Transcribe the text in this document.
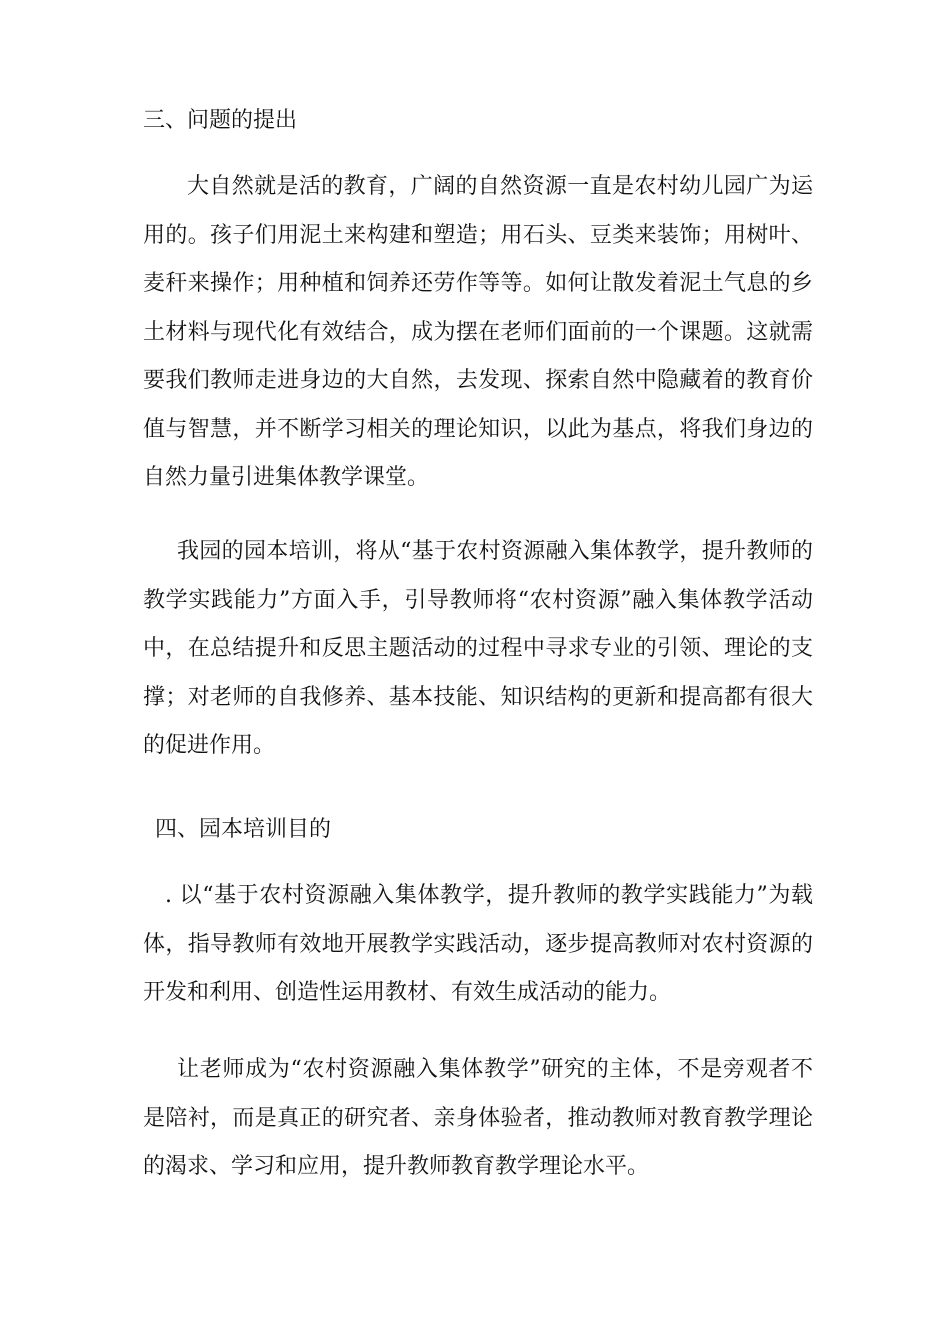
三、问题的提出
大自然就是活的教育，广阔的自然资源一直是农村幼儿园广为运用的。孩子们用泥土来构建和塑造；用石头、豆类来装饰；用树叶、麦秆来操作；用种植和饲养还劳作等等。如何让散发着泥土气息的乡土材料与现代化有效结合，成为摆在老师们面前的一个课题。这就需要我们教师走进身边的大自然，去发现、探索自然中隐藏着的教育价值与智慧，并不断学习相关的理论知识，以此为基点，将我们身边的自然力量引进集体教学课堂。
我园的园本培训，将从“基于农村资源融入集体教学，提升教师的教学实践能力”方面入手，引导教师将“农村资源”融入集体教学活动中，在总结提升和反思主题活动的过程中寻求专业的引领、理论的支撑；对老师的自我修养、基本技能、知识结构的更新和提高都有很大的促进作用。
四、园本培训目的
. 以“基于农村资源融入集体教学，提升教师的教学实践能力”为载体，指导教师有效地开展教学实践活动，逐步提高教师对农村资源的开发和利用、创造性运用教材、有效生成活动的能力。
让老师成为“农村资源融入集体教学”研究的主体，不是旁观者不是陪衬，而是真正的研究者、亲身体验者，推动教师对教育教学理论的渴求、学习和应用，提升教师教育教学理论水平。
